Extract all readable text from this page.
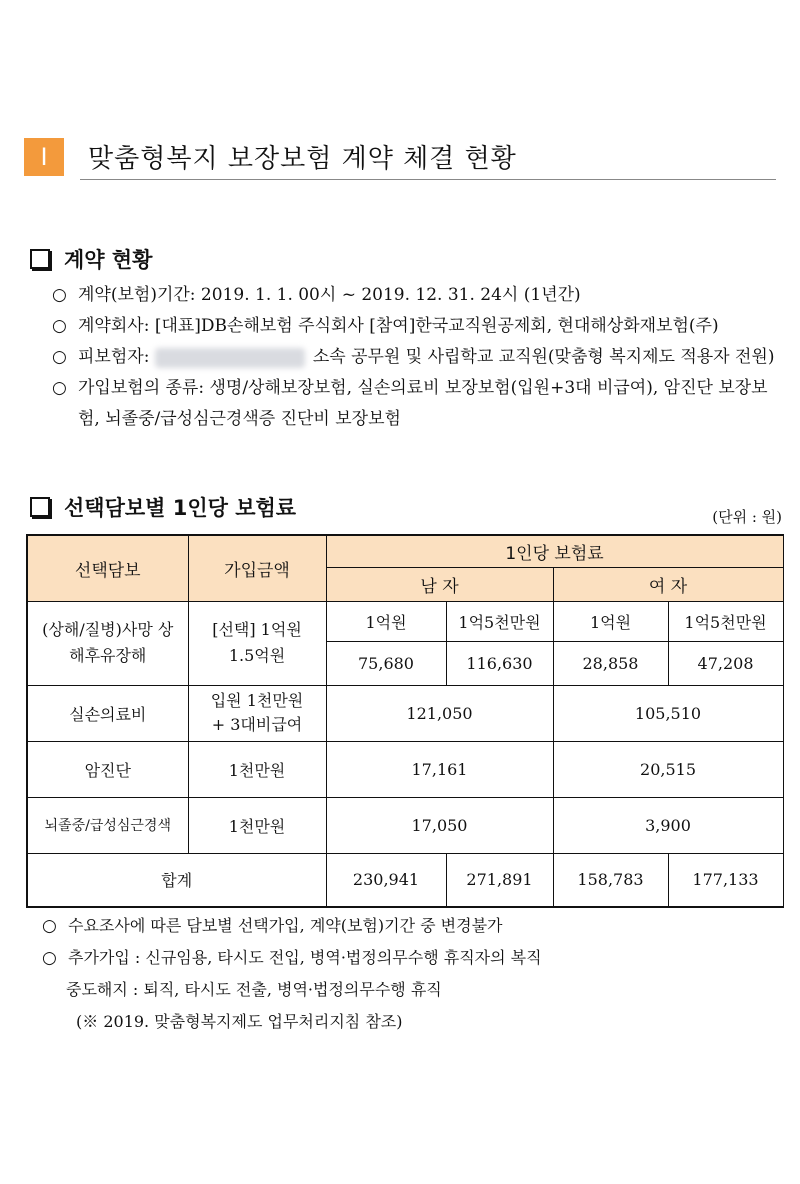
I	맞춤형복지 보장보험 계약 체결 현황
계약 현황
○ 계약(보험)기간: 2019. 1. 1. 00시 ~ 2019. 12. 31. 24시 (1년간)
○ 계약회사: [대표]DB손해보험 주식회사 [참여]한국교직원공제회, 현대해상화재보험(주)
○ 피보험자:	소속 공무원 및 사립학교 교직원(맞춤형 복지제도 적용자 전원)
○ 가입보험의 종류: 생명/상해보장보험, 실손의료비 보장보험(입원+3대 비급여), 암진단 보장보험, 뇌졸중/급성심근경색증 진단비 보장보험
선택담보별 1인당 보험료	(단위 : 원)
선택담보	가입금액	1인당 보험료			
		남 자		여 자	
(상해/질병)사망 상해후유장해	[선택] 1억원 1.5억원	1억원	1억5천만원	1억원	1억5천만원
		75,680	116,630	28,858	47,208
실손의료비	입원 1천만원 + 3대비급여	121,050		105,510	
암진단	1천만원	17,161		20,515	
뇌졸중/급성심근경색	1천만원	17,050		3,900	
합계		230,941	271,891	158,783	177,133
○ 수요조사에 따른 담보별 선택가입, 계약(보험)기간 중 변경불가
○ 추가가입 : 신규임용, 타시도 전입, 병역·법정의무수행 휴직자의 복직
중도해지 : 퇴직, 타시도 전출, 병역·법정의무수행 휴직
(※ 2019. 맞춤형복지제도 업무처리지침 참조)
